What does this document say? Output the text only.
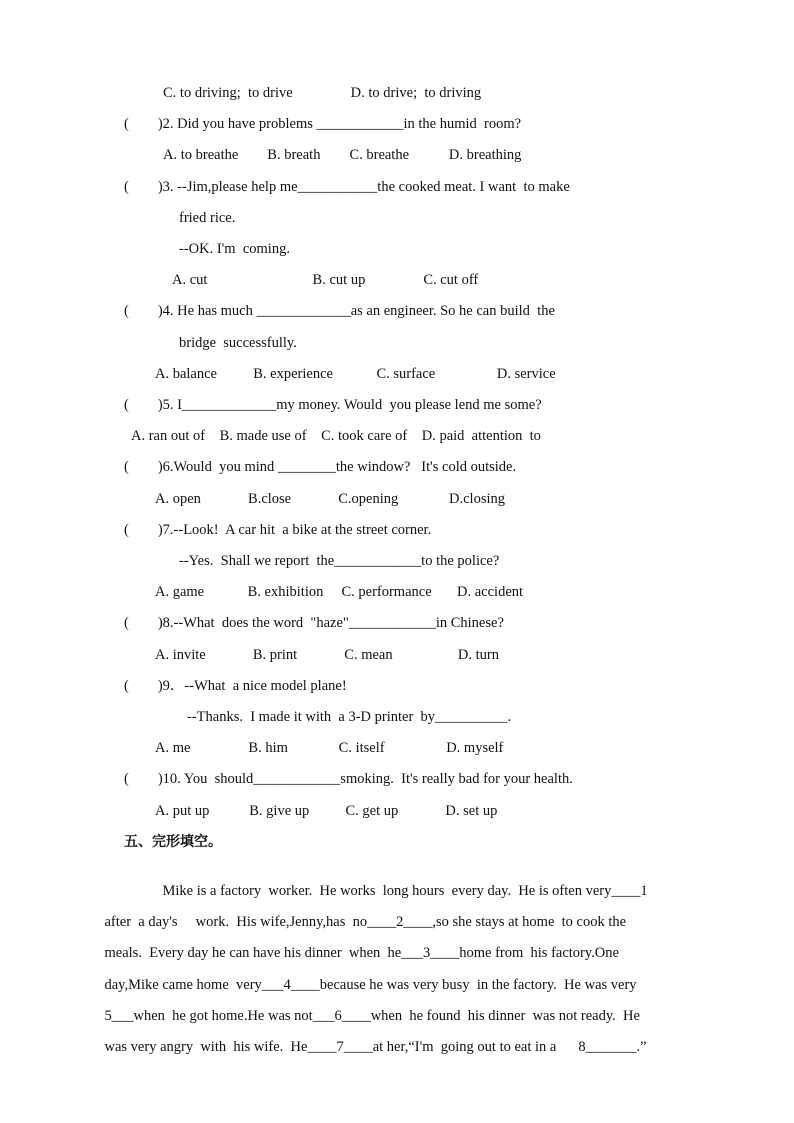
C. to driving;  to drive                D. to drive;  to driving
(        )2. Did you have problems ____________in the humid  room?
A. to breathe        B. breath        C. breathe           D. breathing
(        )3. --Jim,please help me___________the cooked meat. I want  to make
fried rice.
--OK. I'm  coming.
A. cut                             B. cut up                C. cut off
(        )4. He has much _____________as an engineer. So he can build  the
bridge  successfully.
A. balance          B. experience            C. surface                 D. service
(        )5. I_____________my money. Would  you please lend me some?
A. ran out of    B. made use of    C. took care of    D. paid  attention  to
(        )6.Would  you mind ________the window?   It's cold outside.
A. open             B.close             C.opening              D.closing
(        )7.--Look!  A car hit  a bike at the street corner.
--Yes.  Shall we report  the____________to the police?
A. game            B. exhibition     C. performance       D. accident
(        )8.--What  does the word  "haze"____________in Chinese?
A. invite             B. print             C. mean                  D. turn
(        )9．--What  a nice model plane!
--Thanks.  I made it with  a 3-D printer  by__________.
A. me                B. him              C. itself                 D. myself
(        )10. You  should____________smoking.  It's really bad for your health.
A. put up           B. give up          C. get up             D. set up
五、完形填空。

Mike is a factory  worker.  He works  long hours  every day.  He is often very____1

after  a day's     work.  His wife,Jenny,has  no____2____,so she stays at home  to cook the

meals.  Every day he can have his dinner  when  he___3____home from  his factory.One

day,Mike came home  very___4____because he was very busy  in the factory.  He was very

5___when  he got home.He was not___6____when  he found  his dinner  was not ready.  He

was very angry  with  his wife.  He____7____at her,“I'm  going out to eat in a 8_______.”
